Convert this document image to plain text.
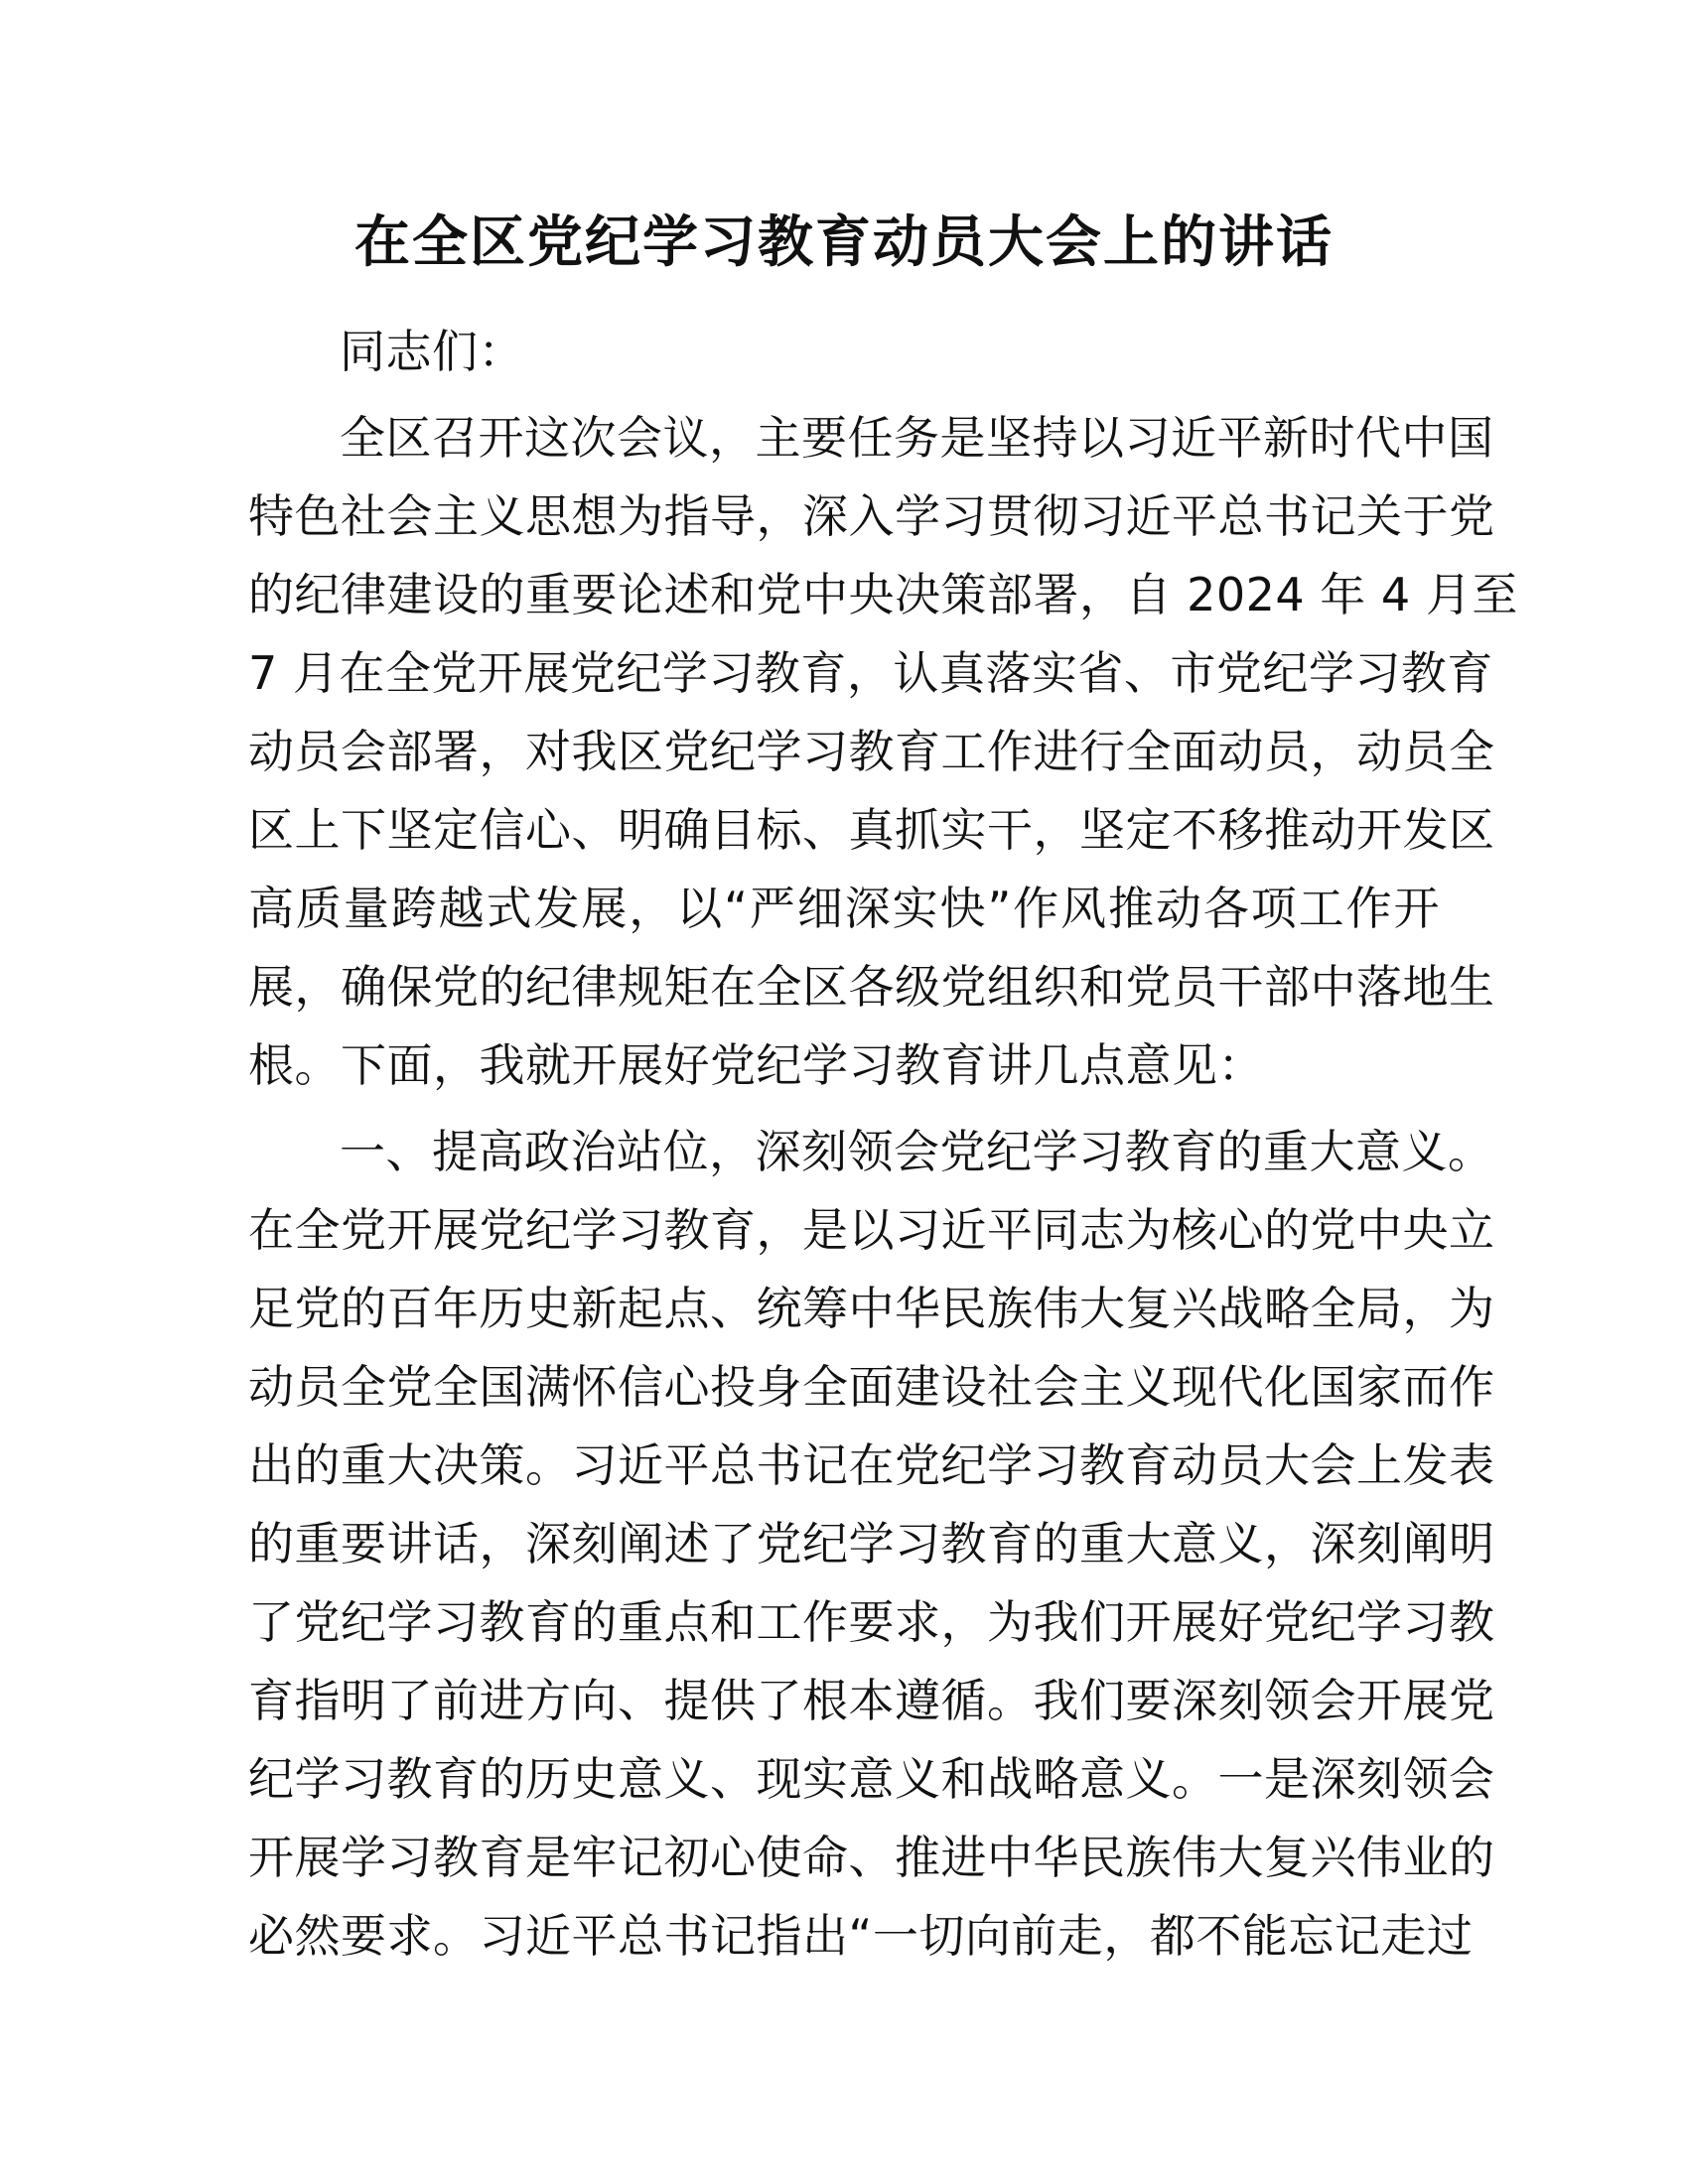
在全区党纪学习教育动员大会上的讲话
同志们：
全区召开这次会议，主要任务是坚持以习近平新时代中国
特色社会主义思想为指导，深入学习贯彻习近平总书记关于党
的纪律建设的重要论述和党中央决策部署，自 2024 年 4 月至
7 月在全党开展党纪学习教育，认真落实省、市党纪学习教育
动员会部署，对我区党纪学习教育工作进行全面动员，动员全
区上下坚定信心、明确目标、真抓实干，坚定不移推动开发区
高质量跨越式发展，以“严细深实快”作风推动各项工作开
展，确保党的纪律规矩在全区各级党组织和党员干部中落地生
根。下面，我就开展好党纪学习教育讲几点意见：
一、提高政治站位，深刻领会党纪学习教育的重大意义。
在全党开展党纪学习教育，是以习近平同志为核心的党中央立
足党的百年历史新起点、统筹中华民族伟大复兴战略全局，为
动员全党全国满怀信心投身全面建设社会主义现代化国家而作
出的重大决策。习近平总书记在党纪学习教育动员大会上发表
的重要讲话，深刻阐述了党纪学习教育的重大意义，深刻阐明
了党纪学习教育的重点和工作要求，为我们开展好党纪学习教
育指明了前进方向、提供了根本遵循。我们要深刻领会开展党
纪学习教育的历史意义、现实意义和战略意义。一是深刻领会
开展学习教育是牢记初心使命、推进中华民族伟大复兴伟业的
必然要求。习近平总书记指出“一切向前走，都不能忘记走过
